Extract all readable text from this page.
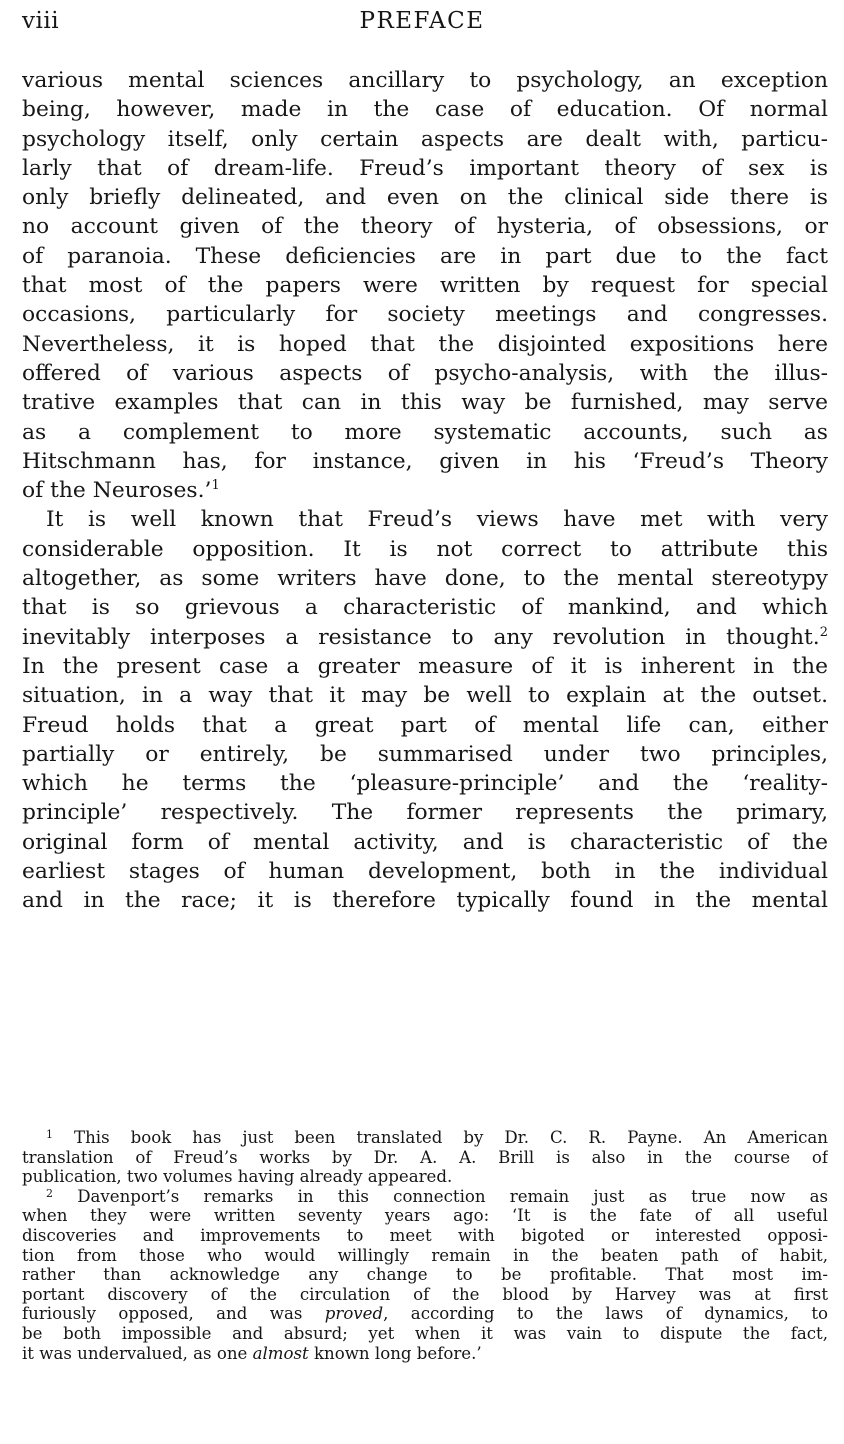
viii	PREFACE
various mental sciences ancillary to psychology, an exception
being, however, made in the case of education. Of normal
psychology itself, only certain aspects are dealt with, particu-
larly that of dream-life. Freud’s important theory of sex is
only briefly delineated, and even on the clinical side there is
no account given of the theory of hysteria, of obsessions, or
of paranoia. These deficiencies are in part due to the fact
that most of the papers were written by request for special
occasions, particularly for society meetings and congresses.
Nevertheless, it is hoped that the disjointed expositions here
offered of various aspects of psycho-analysis, with the illus-
trative examples that can in this way be furnished, may serve
as a complement to more systematic accounts, such as
Hitschmann has, for instance, given in his ‘Freud’s Theory
of the Neuroses.’$^1$
It is well known that Freud’s views have met with very
considerable opposition. It is not correct to attribute this
altogether, as some writers have done, to the mental stereotypy
that is so grievous a characteristic of mankind, and which
inevitably interposes a resistance to any revolution in thought.$^2$
In the present case a greater measure of it is inherent in the
situation, in a way that it may be well to explain at the outset.
Freud holds that a great part of mental life can, either
partially or entirely, be summarised under two principles,
which he terms the ‘pleasure-principle’ and the ‘reality-
principle’ respectively. The former represents the primary,
original form of mental activity, and is characteristic of the
earliest stages of human development, both in the individual
and in the race; it is therefore typically found in the mental
$^1$ This book has just been translated by Dr. C. R. Payne. An American
translation of Freud’s works by Dr. A. A. Brill is also in the course of
publication, two volumes having already appeared.
$^2$ Davenport’s remarks in this connection remain just as true now as
when they were written seventy years ago: ‘It is the fate of all useful
discoveries and improvements to meet with bigoted or interested opposi-
tion from those who would willingly remain in the beaten path of habit,
rather than acknowledge any change to be profitable. That most im-
portant discovery of the circulation of the blood by Harvey was at first
furiously opposed, and was proved, according to the laws of dynamics, to
be both impossible and absurd; yet when it was vain to dispute the fact,
it was undervalued, as one almost known long before.’
